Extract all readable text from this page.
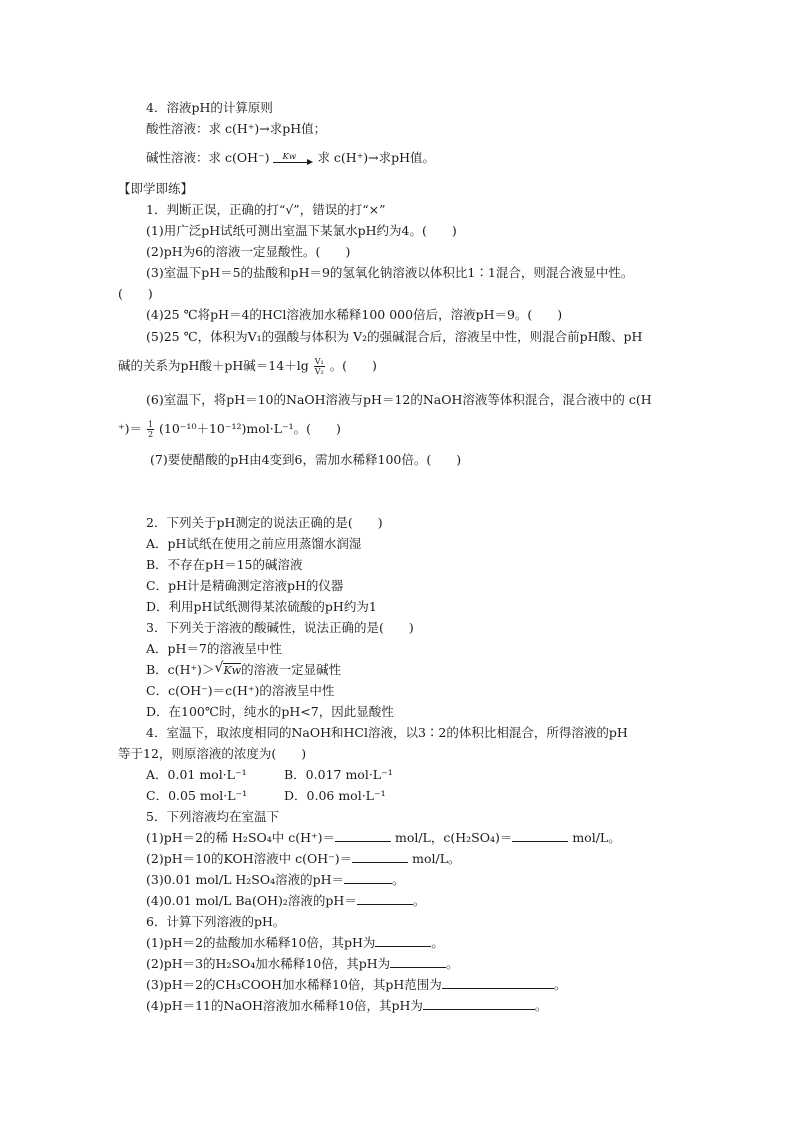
4．溶液pH的计算原则
酸性溶液：求 c(H⁺)→求pH值；
碱性溶液：求 c(OH⁻) Kw 求 c(H⁺)→求pH值。
【即学即练】
1．判断正误，正确的打“√”，错误的打“×”
(1)用广泛pH试纸可测出室温下某氯水pH约为4。(　　)
(2)pH为6的溶液一定显酸性。(　　)
(3)室温下pH＝5的盐酸和pH＝9的氢氧化钠溶液以体积比1∶1混合，则混合液显中性。
(　　)
(4)25 ℃将pH＝4的HCl溶液加水稀释100 000倍后，溶液pH＝9。(　　)
(5)25 ℃，体积为V₁的强酸与体积为 V₂的强碱混合后，溶液呈中性，则混合前pH酸、pH
碱的关系为pH酸＋pH碱$=14+\lg \frac{\text{V₁}}{\text{V₂}}$ 。(　　)
(6)室温下，将pH＝10的NaOH溶液与pH＝12的NaOH溶液等体积混合，混合液中的 c(H
⁺)＝ $\frac{1}{2} (10^{-10}+10^{-12})mol\cdot L^{-1}$。(　　)
(7)要使醋酸的pH由4变到6，需加水稀释100倍。(　　)
2．下列关于pH测定的说法正确的是(　　)
A．pH试纸在使用之前应用蒸馏水润湿
B．不存在pH＝15的碱溶液
C．pH计是精确测定溶液pH的仪器
D．利用pH试纸测得某浓硫酸的pH约为1
3．下列关于溶液的酸碱性，说法正确的是(　　)
A．pH＝7的溶液呈中性
B．c(H⁺)＞ √ Kw的溶液一定显碱性
C．c(OH⁻)＝c(H⁺)的溶液呈中性
D．在100℃时，纯水的pH<7，因此显酸性
4．室温下，取浓度相同的NaOH和HCl溶液，以3∶2的体积比相混合，所得溶液的pH
等于12，则原溶液的浓度为(　　)
A．0.01 mol·L⁻¹	B．0.017 mol·L⁻¹
C．0.05 mol·L⁻¹	D．0.06 mol·L⁻¹
5．下列溶液均在室温下
(1)pH＝2的稀 H₂SO₄中 c(H⁺)＝	mol/L，c(H₂SO₄)＝	mol/L。
(2)pH＝10的KOH溶液中 c(OH⁻)＝	mol/L。
(3)0.01 mol/L H₂SO₄溶液的pH＝	。
(4)0.01 mol/L Ba(OH)₂溶液的pH＝	。
6．计算下列溶液的pH。
(1)pH＝2的盐酸加水稀释10倍，其pH为	。
(2)pH＝3的H₂SO₄加水稀释10倍，其pH为	。
(3)pH＝2的CH₃COOH加水稀释10倍，其pH范围为	。
(4)pH＝11的NaOH溶液加水稀释10倍，其pH为	。
